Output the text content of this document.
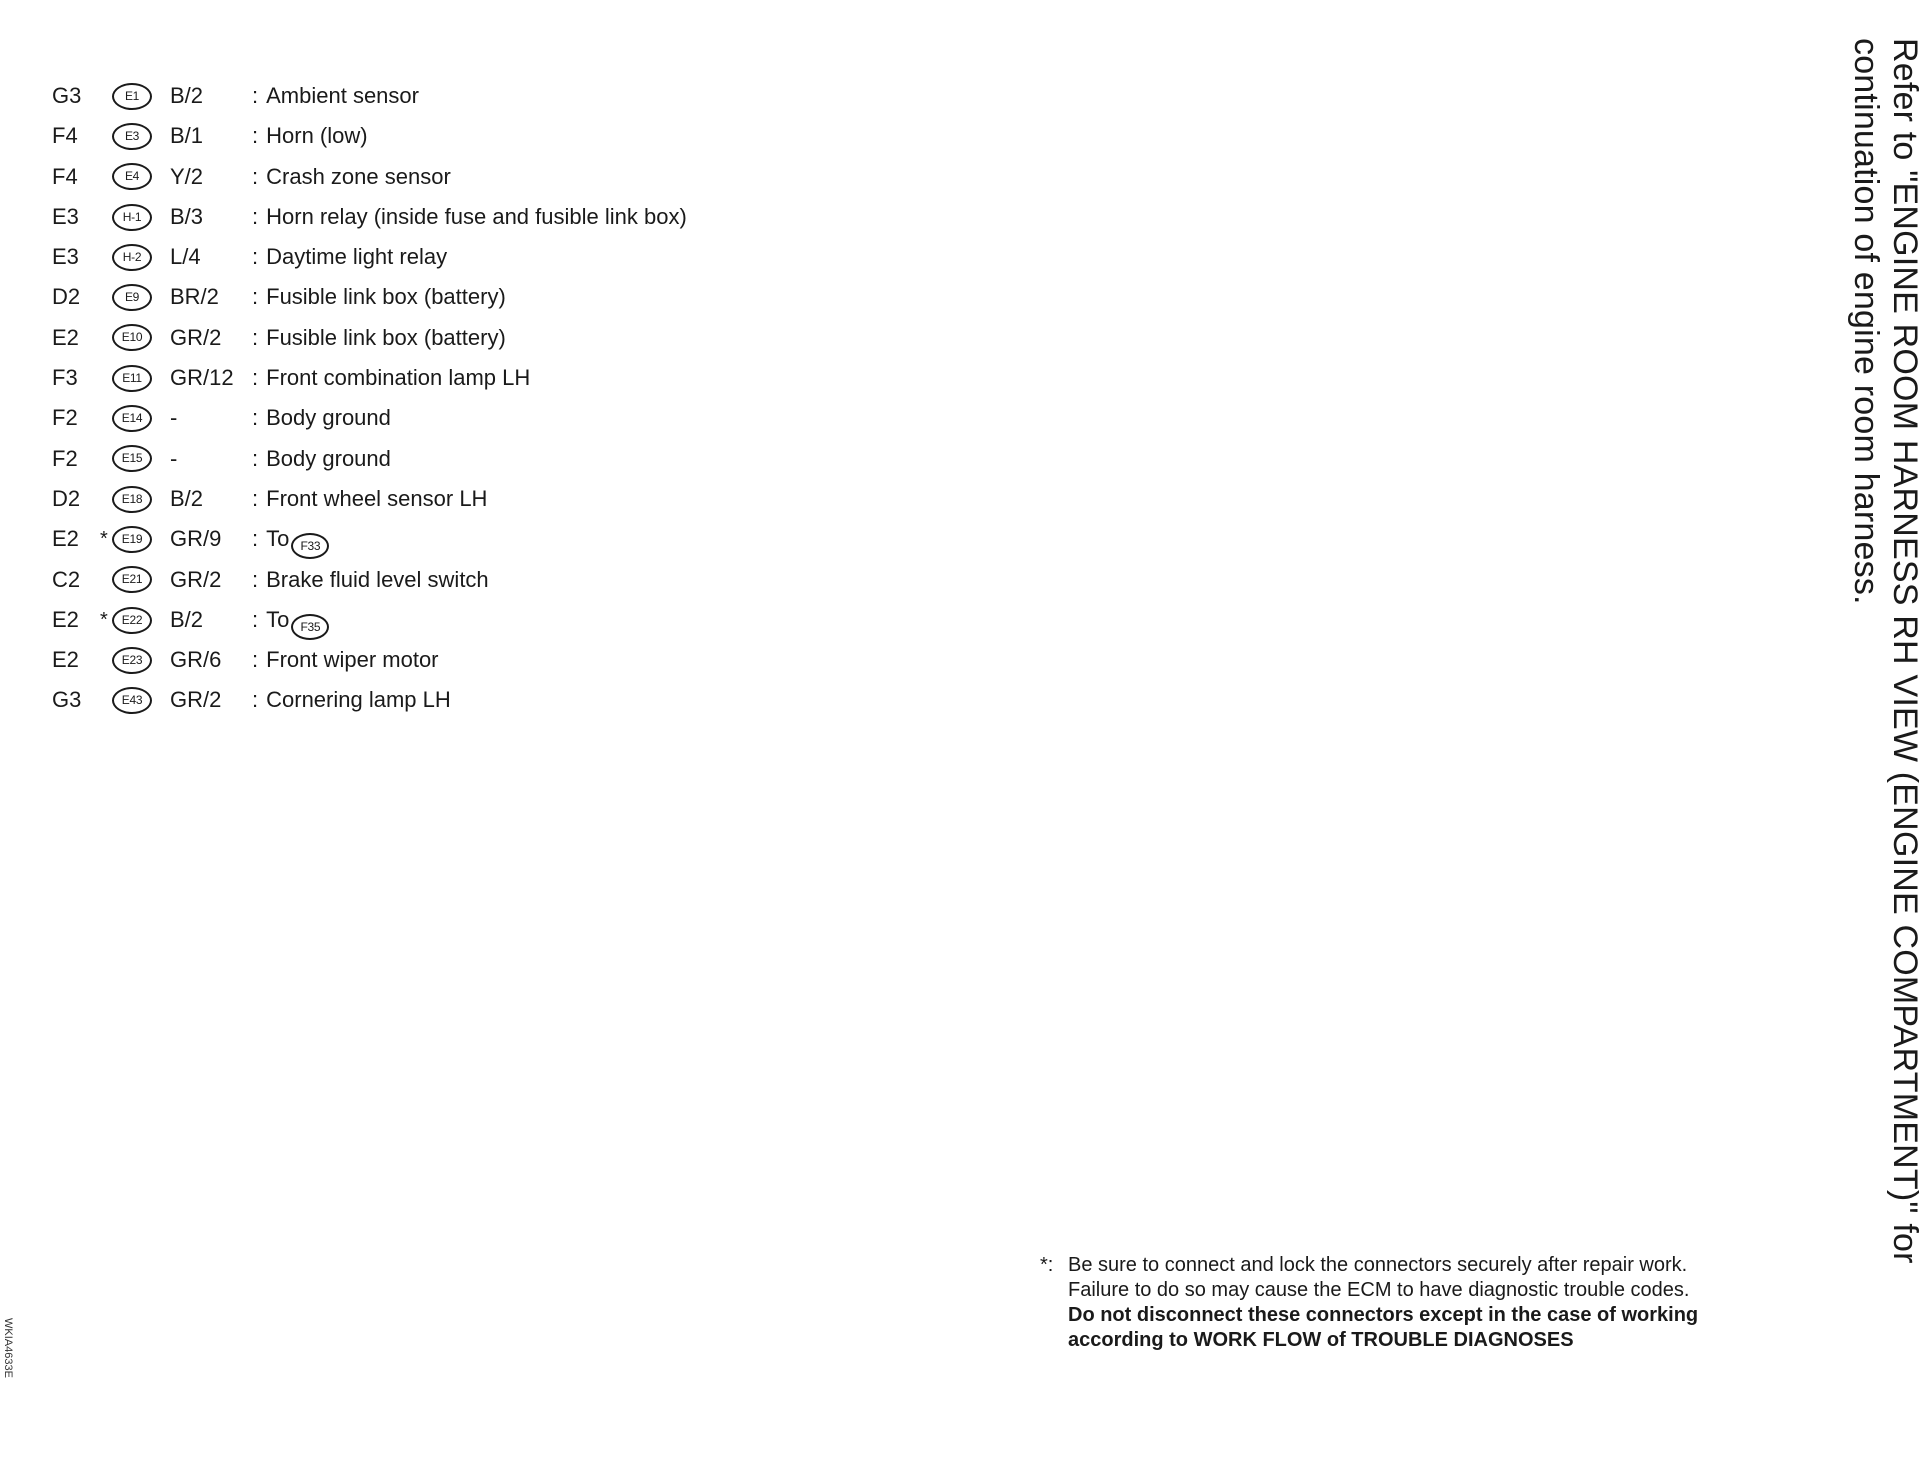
G3	E1	B/2 : Ambient sensor
F4	E3	B/1 : Horn (low)
F4	E4	Y/2 : Crash zone sensor
E3	H-1	B/3 : Horn relay (inside fuse and fusible link box)
E3	H-2	L/4 : Daytime light relay
D2	E9	BR/2 : Fusible link box (battery)
E2	E10	GR/2 : Fusible link box (battery)
F3	E11	GR/12 : Front combination lamp LH
F2	E14	-	: Body ground
F2	E15	-	: Body ground
D2	E18	B/2 : Front wheel sensor LH
E2 *	E19	GR/9 : To F33
C2	E21	GR/2 : Brake fluid level switch
E2 *	E22	B/2 : To F35
E2	E23	GR/6 : Front wiper motor
G3	E43	GR/2 : Cornering lamp LH	Refer to "ENGINE ROOM HARNESS RH VIEW (ENGINE COMPARTMENT)" for continuation of engine room harness.
*: Be sure to connect and lock the connectors securely after repair work.
Failure to do so may cause the ECM to have diagnostic trouble codes.
Do not disconnect these connectors except in the case of working
according to WORK FLOW of TROUBLE DIAGNOSES
WKIA4633E
